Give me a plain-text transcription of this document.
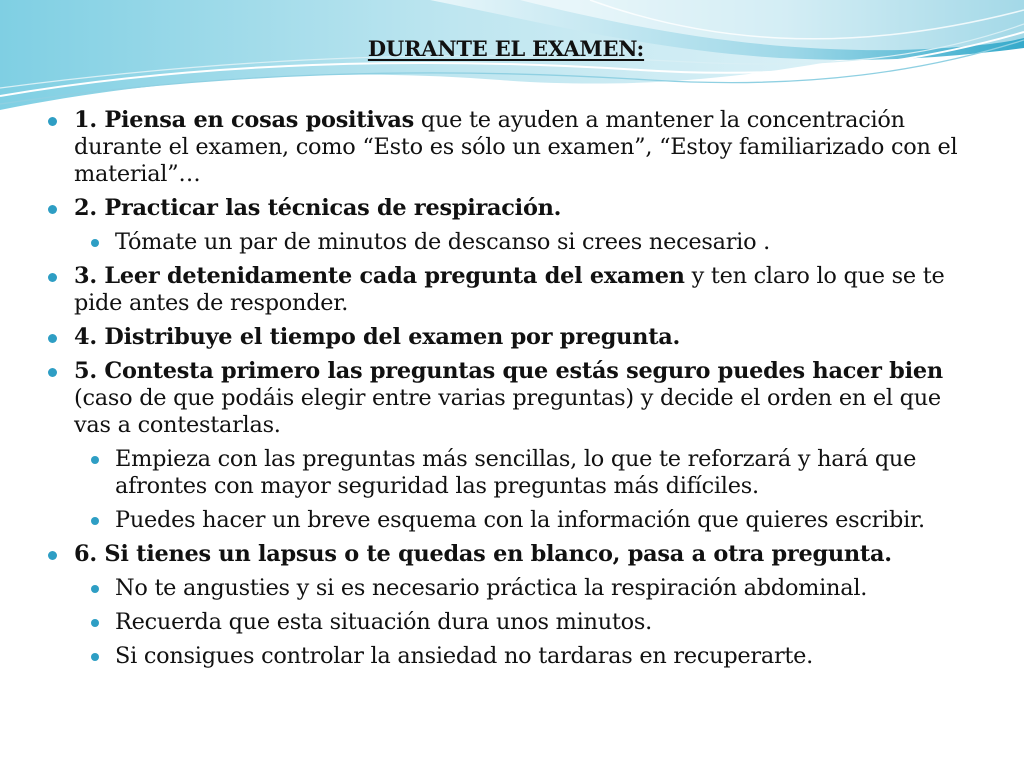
DURANTE EL EXAMEN:
1. Piensa en cosas positivas que te ayuden a mantener la concentración durante el examen, como “Esto es sólo un examen”, “Estoy familiarizado con el material”…
2. Practicar las técnicas de respiración.
Tómate un par de minutos de descanso si crees necesario .
3. Leer detenidamente cada pregunta del examen y ten claro lo que se te pide antes de responder.
4. Distribuye el tiempo del examen por pregunta.
5. Contesta primero las preguntas que estás seguro puedes hacer bien (caso de que podáis elegir entre varias preguntas) y decide el orden en el que vas a contestarlas.
Empieza con las preguntas más sencillas, lo que te reforzará y hará que afrontes con mayor seguridad las preguntas más difíciles.
Puedes hacer un breve esquema con la información que quieres escribir.
6. Si tienes un lapsus o te quedas en blanco, pasa a otra pregunta.
No te angusties y si es necesario práctica la respiración abdominal.
Recuerda que esta situación dura unos minutos.
Si consigues controlar la ansiedad no tardaras en recuperarte.
